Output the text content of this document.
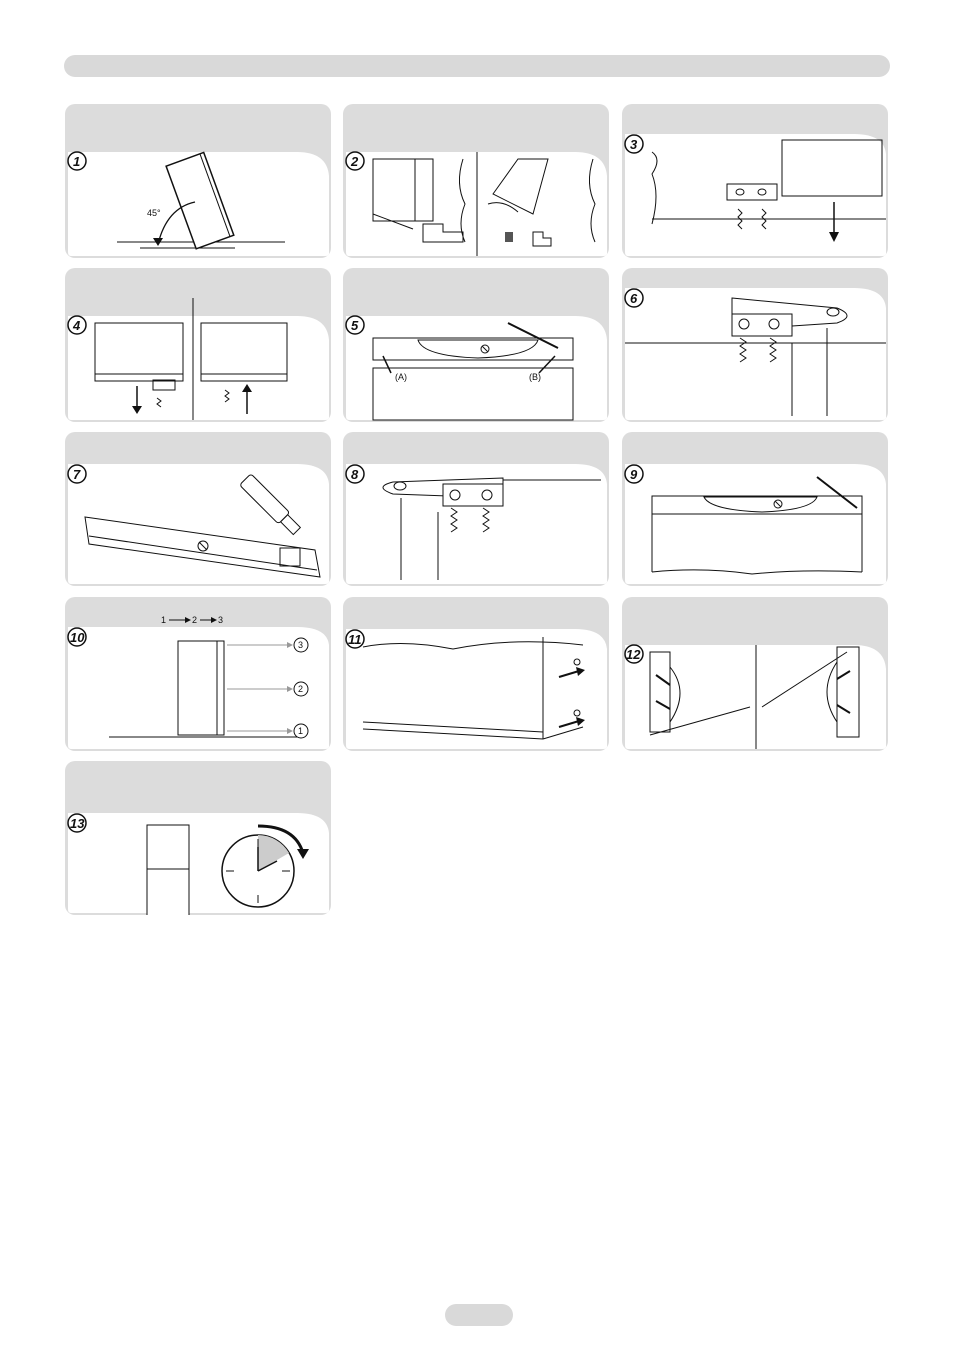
1
45°
2
3
4	5
(A)	(B)
6
7	8	9
10
1	2 3
3
2
1
11
12
13
